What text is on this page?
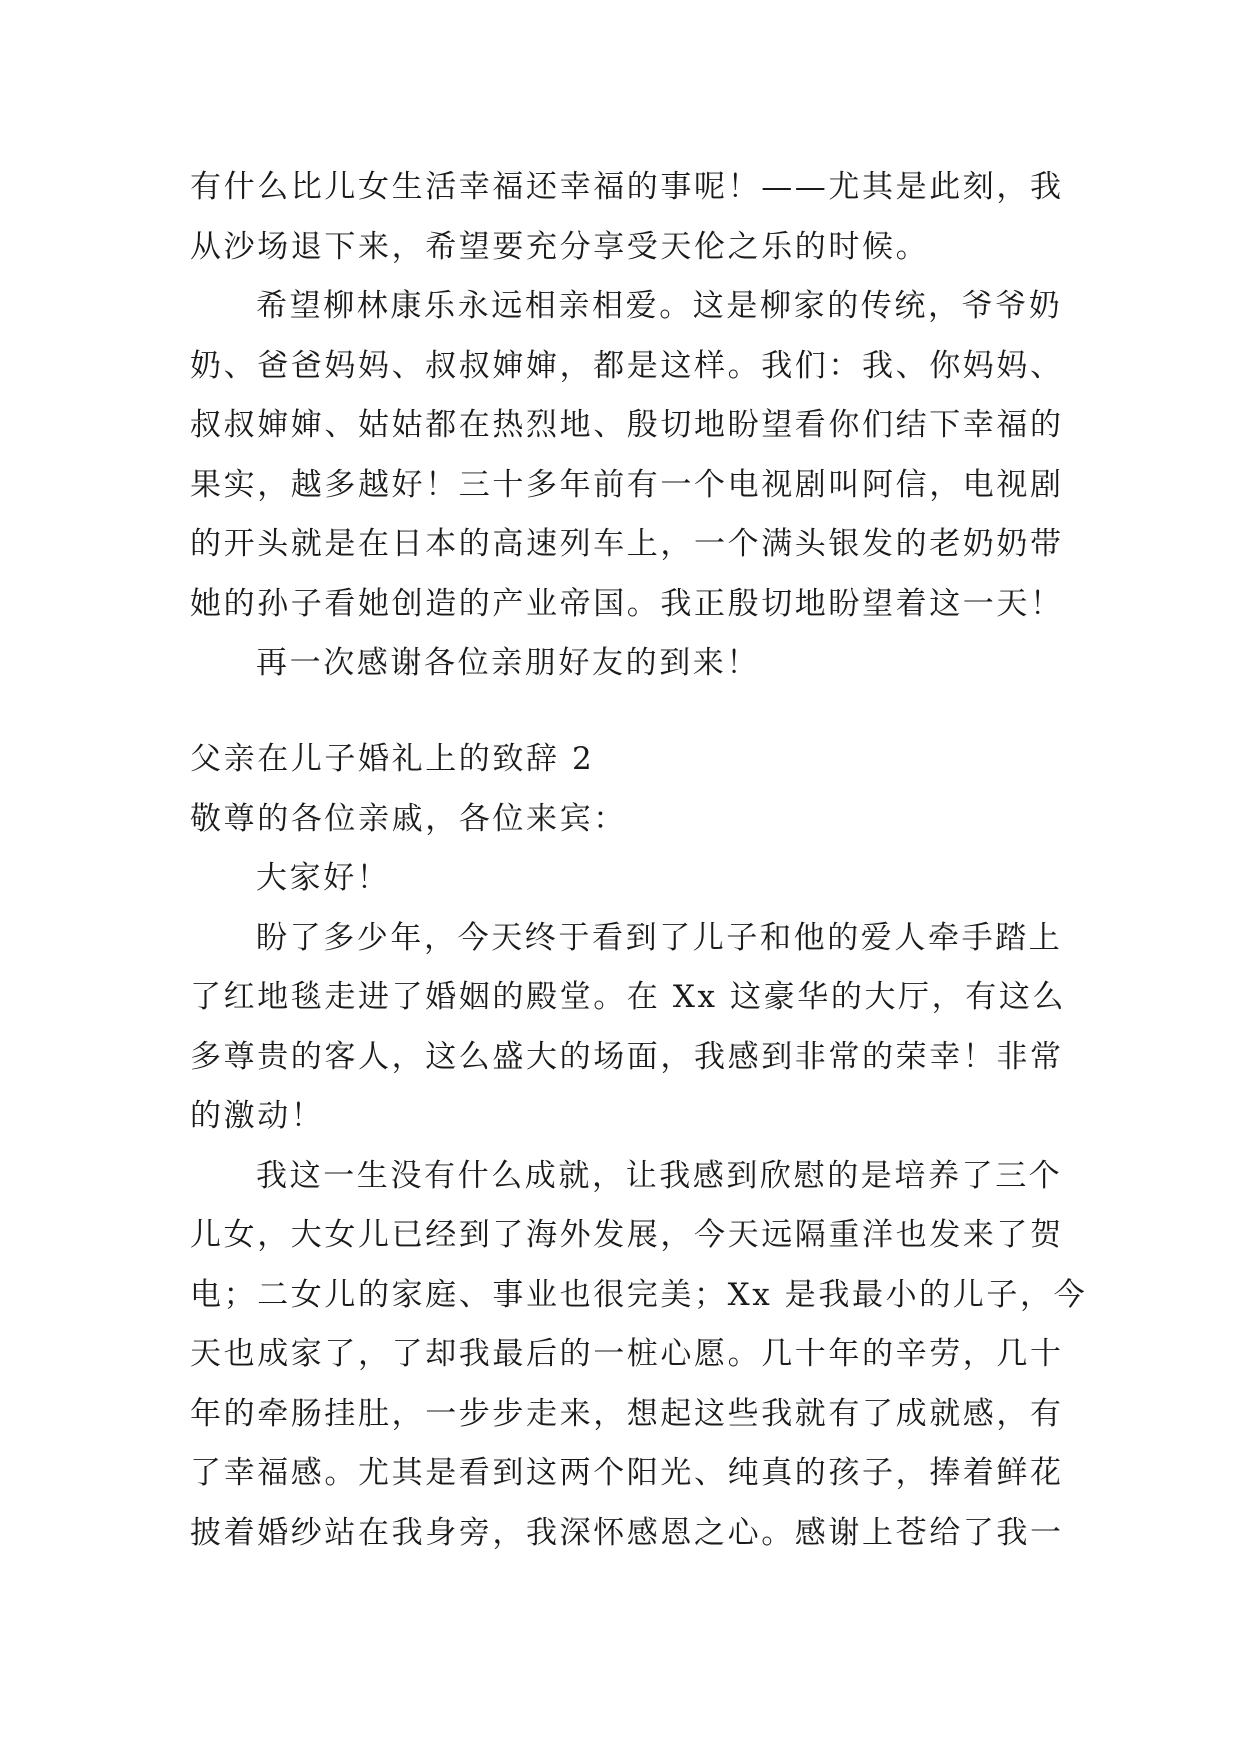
有什么比儿女生活幸福还幸福的事呢！——尤其是此刻，我
从沙场退下来，希望要充分享受天伦之乐的时候。

希望柳林康乐永远相亲相爱。这是柳家的传统，爷爷奶
奶、爸爸妈妈、叔叔婶婶，都是这样。我们：我、你妈妈、
叔叔婶婶、姑姑都在热烈地、殷切地盼望看你们结下幸福的
果实，越多越好！三十多年前有一个电视剧叫阿信，电视剧
的开头就是在日本的高速列车上，一个满头银发的老奶奶带
她的孙子看她创造的产业帝国。我正殷切地盼望着这一天！

再一次感谢各位亲朋好友的到来！

父亲在儿子婚礼上的致辞 2

敬尊的各位亲戚，各位来宾：

大家好！

盼了多少年，今天终于看到了儿子和他的爱人牵手踏上
了红地毯走进了婚姻的殿堂。在 Xx 这豪华的大厅，有这么
多尊贵的客人，这么盛大的场面，我感到非常的荣幸！非常
的激动！

我这一生没有什么成就，让我感到欣慰的是培养了三个
儿女，大女儿已经到了海外发展，今天远隔重洋也发来了贺
电；二女儿的家庭、事业也很完美；Xx 是我最小的儿子，今
天也成家了，了却我最后的一桩心愿。几十年的辛劳，几十
年的牵肠挂肚，一步步走来，想起这些我就有了成就感，有
了幸福感。尤其是看到这两个阳光、纯真的孩子，捧着鲜花
披着婚纱站在我身旁，我深怀感恩之心。感谢上苍给了我一
